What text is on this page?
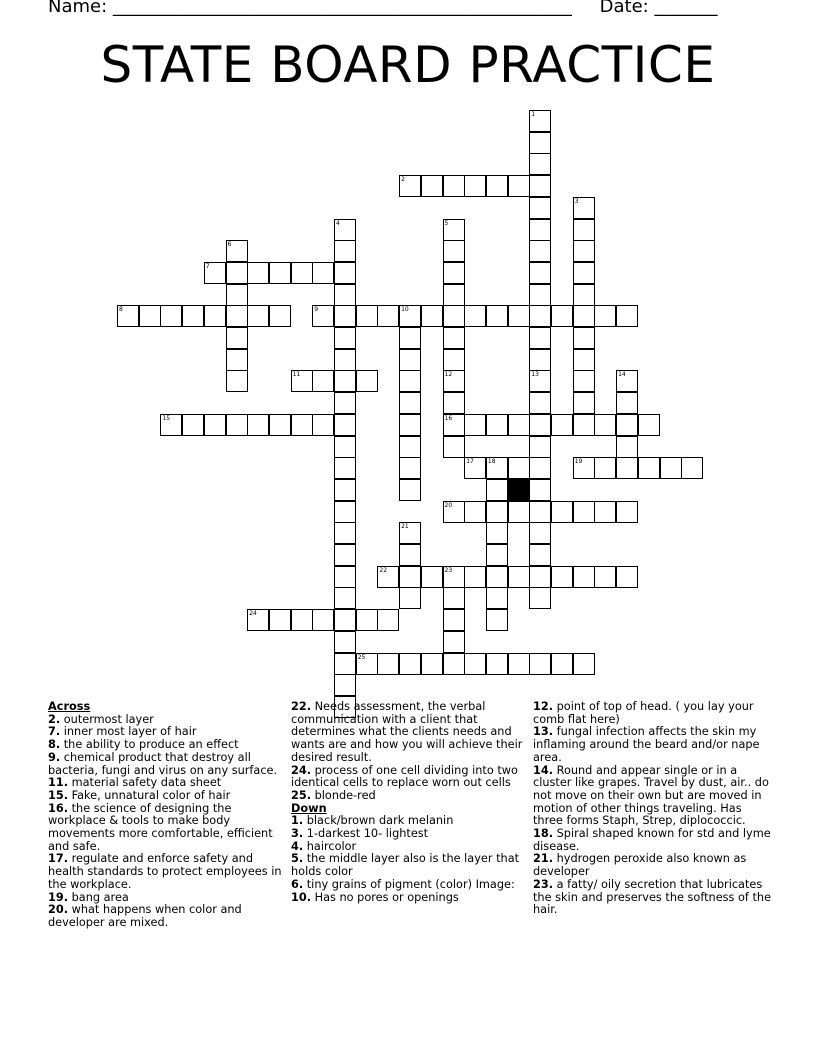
Name: ___________________________________________________ Date: _______
STATE BOARD PRACTICE
2
7
8	9	10
11
15	16
17 18	19
20
22	23
24
25
1
13
3
4	5
6
12	14
21
Across
2. outermost layer
7. inner most layer of hair
8. the ability to produce an effect
9. chemical product that destroy all bacteria, fungi and virus on any surface.
11. material safety data sheet
15. Fake, unnatural color of hair
16. the science of designing the workplace & tools to make body movements more comfortable, efficient and safe.
17. regulate and enforce safety and health standards to protect employees in the workplace.
19. bang area
20. what happens when color and developer are mixed.
22. Needs assessment, the verbal communication with a client that determines what the clients needs and wants are and how you will achieve their desired result.
24. process of one cell dividing into two identical cells to replace worn out cells
25. blonde-red
Down
1. black/brown dark melanin
3. 1-darkest 10- lightest
4. haircolor
5. the middle layer also is the layer that holds color
6. tiny grains of pigment (color) Image:
10. Has no pores or openings
12. point of top of head. ( you lay your comb flat here)
13. fungal infection affects the skin my inflaming around the beard and/or nape area.
14. Round and appear single or in a cluster like grapes. Travel by dust, air.. do not move on their own but are moved in motion of other things traveling. Has three forms Staph, Strep, diplococcic.
18. Spiral shaped known for std and lyme disease.
21. hydrogen peroxide also known as developer
23. a fatty/ oily secretion that lubricates the skin and preserves the softness of the hair.
